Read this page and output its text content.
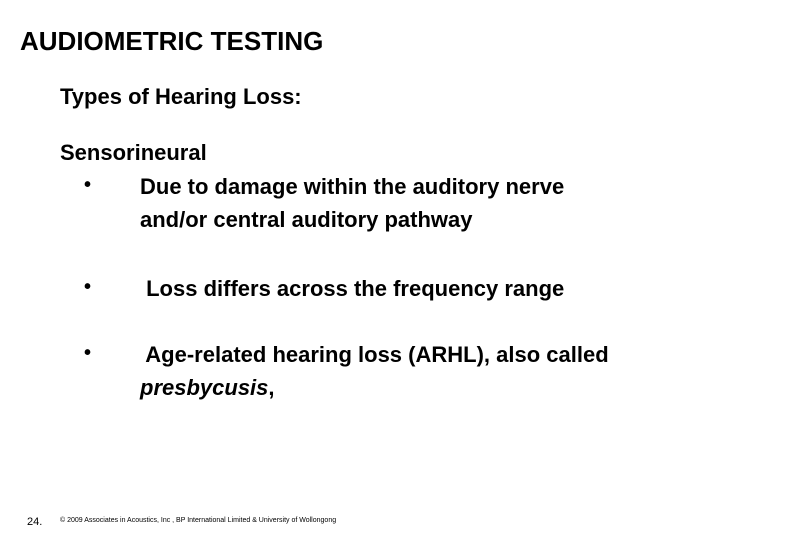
AUDIOMETRIC TESTING
Types of Hearing Loss:
Sensorineural
• Due to damage within the auditory nerve
and/or central auditory pathway
• Loss differs across the frequency range
• Age-related hearing loss (ARHL), also called
presbycusis,
24.	© 2009 Associates in Acoustics, Inc , BP International Limited & University of Wollongong
